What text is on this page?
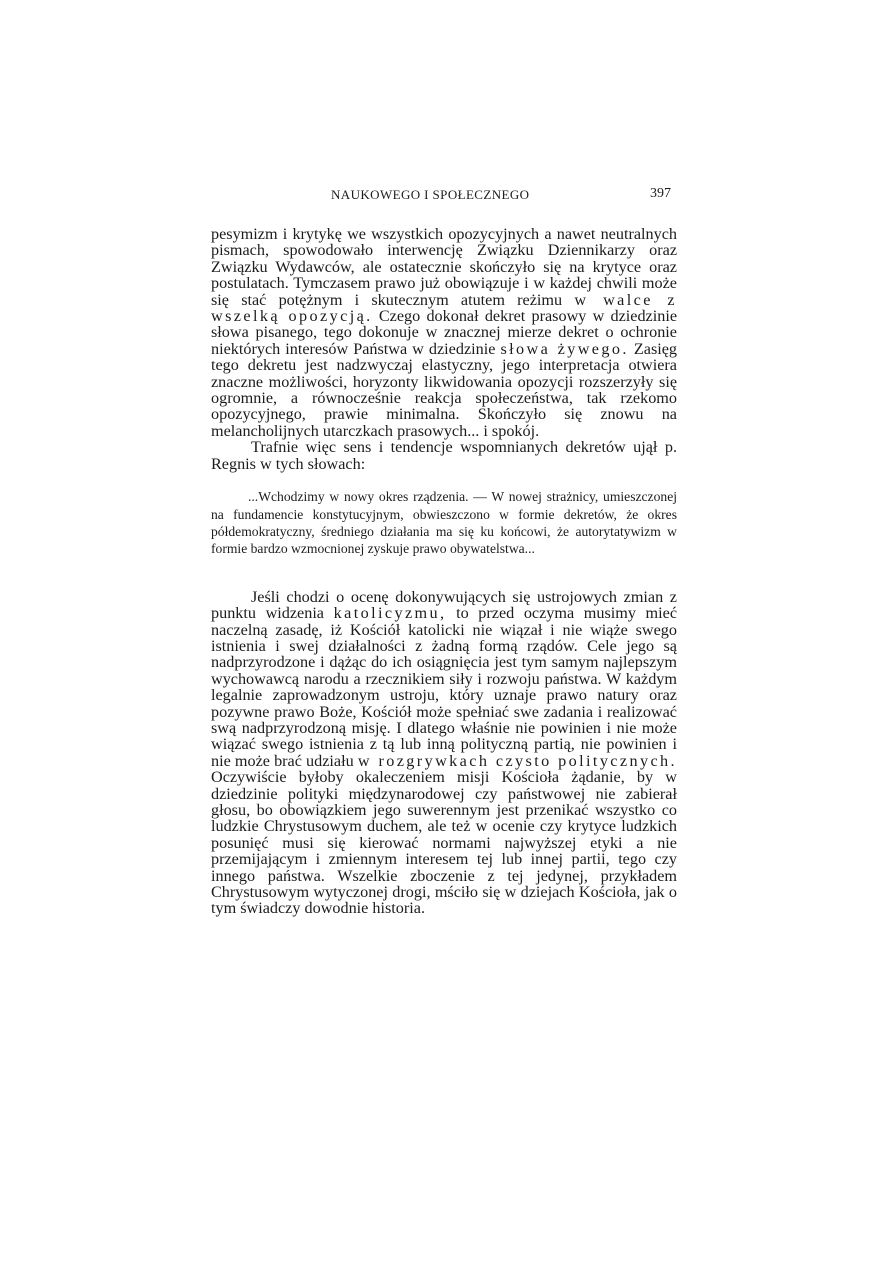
NAUKOWEGO I SPOŁECZNEGO	397

pesymizm i krytykę we wszystkich opozycyjnych a nawet neutralnych pismach, spowodowało interwencję Związku Dziennikarzy oraz Związku Wydawców, ale ostatecznie skończyło się na krytyce oraz postulatach. Tymczasem prawo już obowiązuje i w każdej chwili może się stać potężnym i skutecznym atutem reżimu w walce z wszelką opozycją. Czego dokonał dekret prasowy w dziedzinie słowa pisanego, tego dokonuje w znacznej mierze dekret o ochronie niektórych interesów Państwa w dziedzinie słowa żywego. Zasięg tego dekretu jest nadzwyczaj elastyczny, jego interpretacja otwiera znaczne możliwości, horyzonty likwidowania opozycji rozszerzyły się ogromnie, a równocześnie reakcja społeczeństwa, tak rzekomo opozycyjnego, prawie minimalna. Skończyło się znowu na melancholijnych utarczkach prasowych... i spokój.

Trafnie więc sens i tendencje wspomnianych dekretów ujął p. Regnis w tych słowach:

...Wchodzimy w nowy okres rządzenia. — W nowej strażnicy, umieszczonej na fundamencie konstytucyjnym, obwieszczono w formie dekretów, że okres półdemokratyczny, średniego działania ma się ku końcowi, że autorytatywizm w formie bardzo wzmocnionej zyskuje prawo obywatelstwa...

Jeśli chodzi o ocenę dokonywujących się ustrojowych zmian z punktu widzenia katolicyzmu, to przed oczyma musimy mieć naczelną zasadę, iż Kościół katolicki nie wiązał i nie wiąże swego istnienia i swej działalności z żadną formą rządów. Cele jego są nadprzyrodzone i dążąc do ich osiągnięcia jest tym samym najlepszym wychowawcą narodu a rzecznikiem siły i rozwoju państwa. W każdym legalnie zaprowadzonym ustroju, który uznaje prawo natury oraz pozywne prawo Boże, Kościół może spełniać swe zadania i realizować swą nadprzyrodzoną misję. I dlatego właśnie nie powinien i nie może wiązać swego istnienia z tą lub inną polityczną partią, nie powinien i nie może brać udziału w rozgrywkach czysto politycznych. Oczywiście byłoby okaleczeniem misji Kościoła żądanie, by w dziedzinie polityki międzynarodowej czy państwowej nie zabierał głosu, bo obowiązkiem jego suwerennym jest przenikać wszystko co ludzkie Chrystusowym duchem, ale też w ocenie czy krytyce ludzkich posunięć musi się kierować normami najwyższej etyki a nie przemijającym i zmiennym interesem tej lub innej partii, tego czy innego państwa. Wszelkie zboczenie z tej jedynej, przykładem Chrystusowym wytyczonej drogi, mściło się w dziejach Kościoła, jak o tym świadczy dowodnie historia.
